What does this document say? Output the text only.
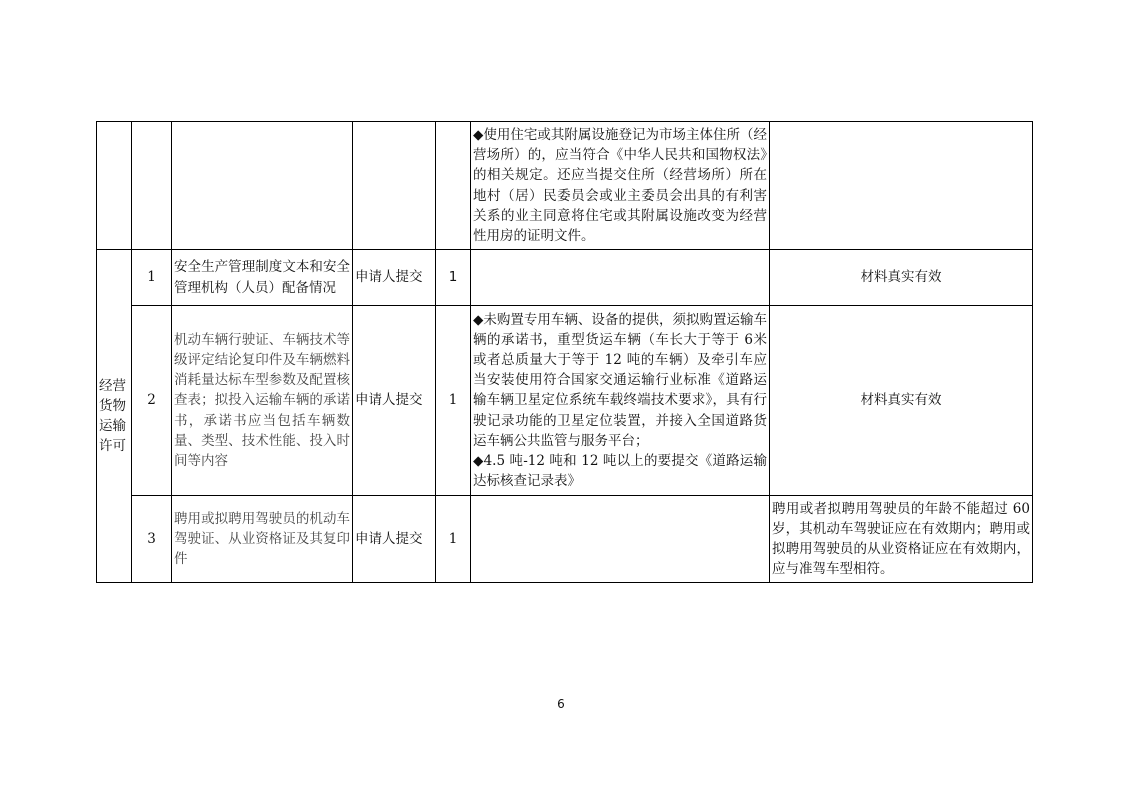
					◆使用住宅或其附属设施登记为市场主体住所（经营场所）的，应当符合《中华人民共和国物权法》的相关规定。还应当提交住所（经营场所）所在地村（居）民委员会或业主委员会出具的有利害关系的业主同意将住宅或其附属设施改变为经营性用房的证明文件。	

经营货物运输许可	1	安全生产管理制度文本和安全管理机构（人员）配备情况	申请人提交	1		材料真实有效
	2	机动车辆行驶证、车辆技术等级评定结论复印件及车辆燃料消耗量达标车型参数及配置核查表；拟投入运输车辆的承诺书，承诺书应当包括车辆数量、类型、技术性能、投入时间等内容	申请人提交	1	◆未购置专用车辆、设备的提供，须拟购置运输车辆的承诺书，重型货运车辆（车长大于等于 6米或者总质量大于等于 12 吨的车辆）及牵引车应当安装使用符合国家交通运输行业标准《道路运输车辆卫星定位系统车载终端技术要求》，具有行驶记录功能的卫星定位装置，并接入全国道路货运车辆公共监管与服务平台；
◆4.5 吨-12 吨和 12 吨以上的要提交《道路运输达标核查记录表》	材料真实有效
	3	聘用或拟聘用驾驶员的机动车驾驶证、从业资格证及其复印件	申请人提交	1		聘用或者拟聘用驾驶员的年龄不能超过 60 岁，其机动车驾驶证应在有效期内；聘用或拟聘用驾驶员的从业资格证应在有效期内，应与准驾车型相符。
6
